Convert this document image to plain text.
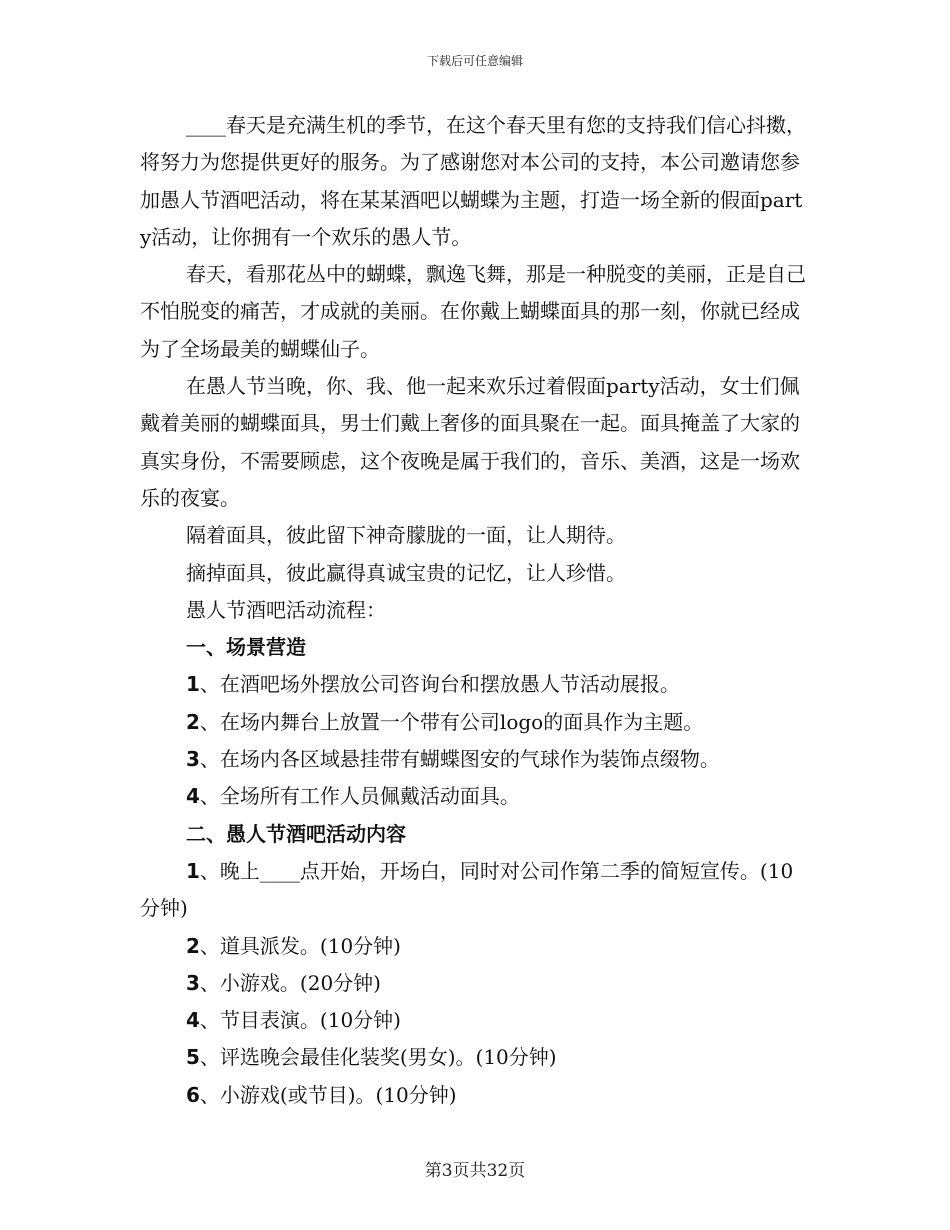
下载后可任意编辑

____春天是充满生机的季节，在这个春天里有您的支持我们信心抖擞，将努力为您提供更好的服务。为了感谢您对本公司的支持，本公司邀请您参加愚人节酒吧活动，将在某某酒吧以蝴蝶为主题，打造一场全新的假面party活动，让你拥有一个欢乐的愚人节。

春天，看那花丛中的蝴蝶，飘逸飞舞，那是一种脱变的美丽，正是自己不怕脱变的痛苦，才成就的美丽。在你戴上蝴蝶面具的那一刻，你就已经成为了全场最美的蝴蝶仙子。

在愚人节当晚，你、我、他一起来欢乐过着假面party活动，女士们佩戴着美丽的蝴蝶面具，男士们戴上奢侈的面具聚在一起。面具掩盖了大家的真实身份，不需要顾虑，这个夜晚是属于我们的，音乐、美酒，这是一场欢乐的夜宴。

隔着面具，彼此留下神奇朦胧的一面，让人期待。

摘掉面具，彼此赢得真诚宝贵的记忆，让人珍惜。

愚人节酒吧活动流程：

一、场景营造

1、在酒吧场外摆放公司咨询台和摆放愚人节活动展报。

2、在场内舞台上放置一个带有公司logo的面具作为主题。

3、在场内各区域悬挂带有蝴蝶图安的气球作为装饰点缀物。

4、全场所有工作人员佩戴活动面具。

二、愚人节酒吧活动内容

1、晚上____点开始，开场白，同时对公司作第二季的简短宣传。(10分钟)

2、道具派发。(10分钟)

3、小游戏。(20分钟)

4、节目表演。(10分钟)

5、评选晚会最佳化装奖(男女)。(10分钟)

6、小游戏(或节目)。(10分钟)

第3页共32页
